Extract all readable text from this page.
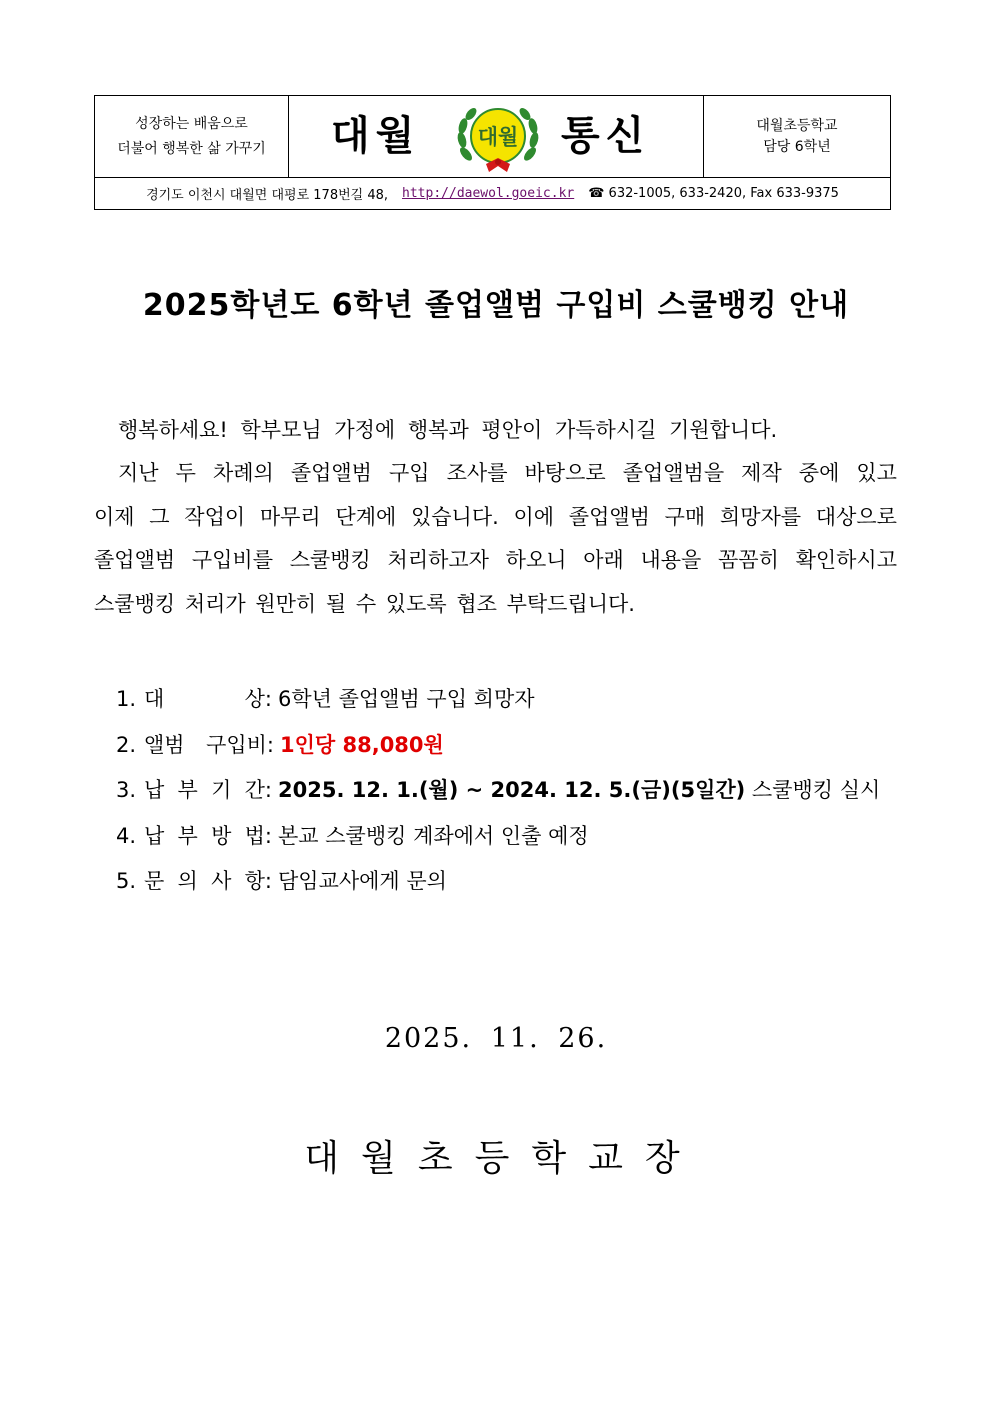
성장하는 배움으로
더불어 행복한 삶 가꾸기 대월	대월 통신	대월초등학교
담당 6학년
경기도 이천시 대월면 대평로 178번길 48, http://daewol.goeic.kr ☎ 632-1005, 633-2420, Fax 633-9375
2025학년도 6학년 졸업앨범 구입비 스쿨뱅킹 안내
행복하세요! 학부모님 가정에 행복과 평안이 가득하시길 기원합니다.
지난 두 차례의 졸업앨범 구입 조사를 바탕으로 졸업앨범을 제작 중에 있고
이제 그 작업이 마무리 단계에 있습니다. 이에 졸업앨범 구매 희망자를 대상으로
졸업앨범 구입비를 스쿨뱅킹 처리하고자 하오니 아래 내용을 꼼꼼히 확인하시고
스쿨뱅킹 처리가 원만히 될 수 있도록 협조 부탁드립니다.
1. 대	상: 6학년 졸업앨범 구입 희망자
2. 앨범 구입비: 1인당 88,080원
3. 납 부 기 간: 2025. 12. 1.(월) ~ 2024. 12. 5.(금)(5일간) 스쿨뱅킹 실시
4. 납 부 방 법: 본교 스쿨뱅킹 계좌에서 인출 예정
5. 문 의 사 항: 담임교사에게 문의
2025. 11. 26.
대월초등학교장
